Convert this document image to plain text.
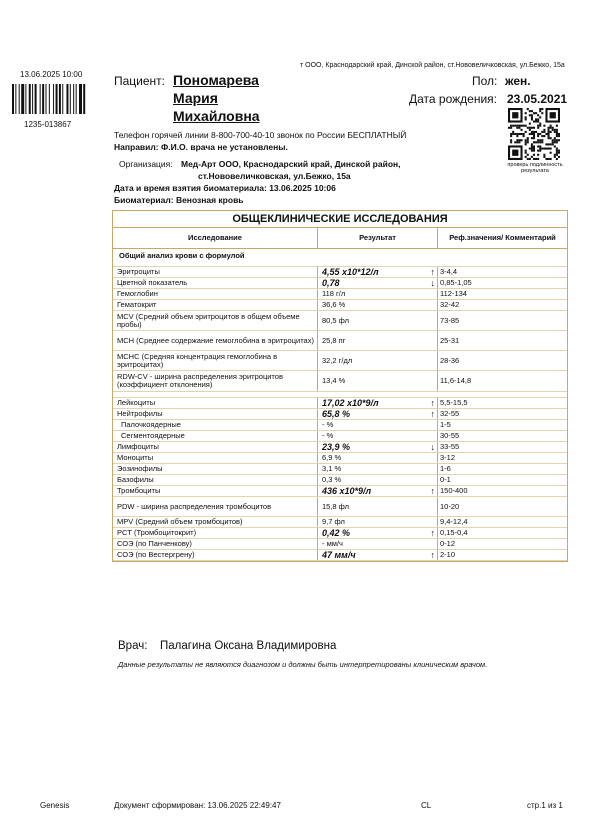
т ООО, Краснодарский край, Динской район, ст.Нововеличковская, ул.Бежко, 15а
13.06.2025 10:00
1235-013867
Пациент: Пономарева
Мария
Михайловна
Пол: жен.
Дата рождения: 23.05.2021
проверь подлинность результата
Телефон горячей линии 8-800-700-40-10 звонок по России БЕСПЛАТНЫЙ
Направил: Ф.И.О. врача не установлены.
Организация: Мед-Арт ООО, Краснодарский край, Динской район,
ст.Нововеличковская, ул.Бежко, 15а
Дата и время взятия биоматериала: 13.06.2025 10:06
Биоматериал: Венозная кровь
ОБЩЕКЛИНИЧЕСКИЕ ИССЛЕДОВАНИЯ
Исследование	Результат	Реф.значения/ Комментарий
Общий анализ крови с формулой
Эритроциты	4,55 х10*12/л	↑ 3-4,4
Цветной показатель	0,78	↓ 0,85-1,05
Гемоглобин	118 г/л	112-134
Гематокрит	36,6 %	32-42
MCV (Средний объем эритроцитов в общем объеме пробы)	80,5 фл	73-85
MCH (Среднее содержание гемоглобина в эритроцитах)	25,8 пг	25-31
MCHC (Средняя концентрация гемоглобина в эритроцитах)	32,2 г/дл	28-36
RDW-CV - ширина распределения эритроцитов (коэффициент отклонения)	13,4 %	11,6-14,8
Лейкоциты	17,02 х10*9/л	↑ 5,5-15,5
Нейтрофилы	65,8 %	↑ 32-55
Палочкоядерные	- %	1-5
Сегментоядерные	- %	30-55
Лимфоциты	23,9 %	↓ 33-55
Моноциты	6,9 %	3-12
Эозинофилы	3,1 %	1-6
Базофилы	0,3 %	0-1
Тромбоциты	436 х10*9/л	↑ 150-400
PDW - ширина распределения тромбоцитов	15,8 фл	10-20
MPV (Средний объем тромбоцитов)	9,7 фл	9,4-12,4
PCT (Тромбоцитокрит)	0,42 %	↑ 0,15-0,4
СОЭ (по Панченкову)	- мм/ч	0-12
СОЭ (по Вестергрену)	47 мм/ч	↑ 2-10
Врач: Палагина Оксана Владимировна
Данные результаты не являются диагнозом и должны быть интерпретированы клиническим врачом.
Genesis	Документ сформирован: 13.06.2025 22:49:47	CL	стр.1 из 1
